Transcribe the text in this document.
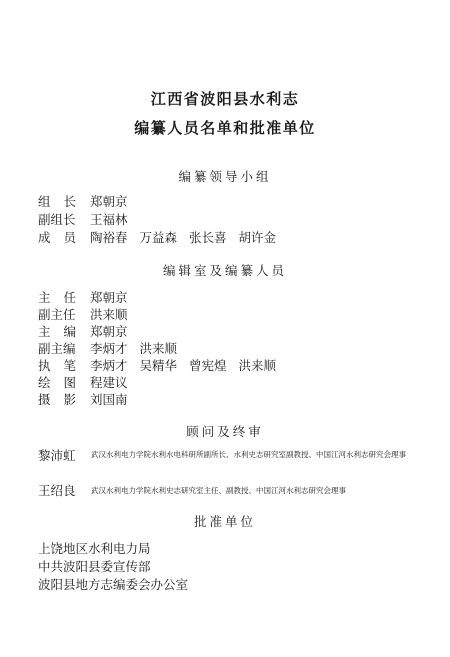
江西省波阳县水利志
编纂人员名单和批准单位
编纂领导小组
组长郑朝京
副组长 王福林
成员陶裕春 万益森 张长喜 胡许金
编辑室及编纂人员
主任郑朝京
副主任 洪来顺
主编郑朝京
副主编 李炳才 洪来顺
执笔李炳才 吴精华 曾宪煌 洪来顺
绘图程建议
摄影刘国南
顾问及终审
黎沛虹 武汉水利电力学院水利水电科研所副所长、水利史志研究室副教授、中国江河水利志研究会理事
王绍良 武汉水利电力学院水利史志研究室主任、副教授、中国江河水利志研究会理事
批准单位
上饶地区水利电力局
中共波阳县委宣传部
波阳县地方志编委会办公室
